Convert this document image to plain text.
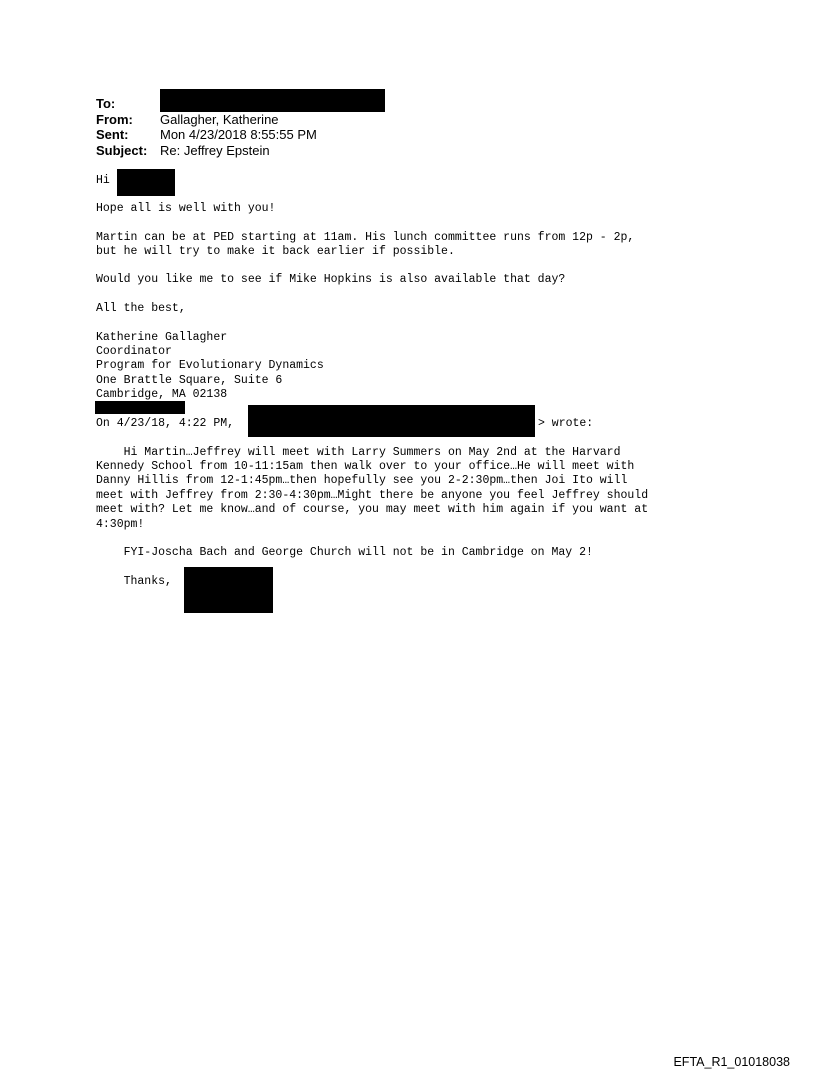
To:
From:	Gallagher, Katherine
Sent:	Mon 4/23/2018 8:55:55 PM
Subject: Re: Jeffrey Epstein
Hi
Hope all is well with you!
Martin can be at PED starting at 11am. His lunch committee runs from 12p - 2p,
but he will try to make it back earlier if possible.
Would you like me to see if Mike Hopkins is also available that day?
All the best,
Katherine Gallagher
Coordinator
Program for Evolutionary Dynamics
One Brattle Square, Suite 6
Cambridge, MA 02138
On 4/23/18, 4:22 PM,	> wrote:
Hi Martin…Jeffrey will meet with Larry Summers on May 2nd at the Harvard
Kennedy School from 10-11:15am then walk over to your office…He will meet with
Danny Hillis from 12-1:45pm…then hopefully see you 2-2:30pm…then Joi Ito will
meet with Jeffrey from 2:30-4:30pm…Might there be anyone you feel Jeffrey should
meet with? Let me know…and of course, you may meet with him again if you want at
4:30pm!
FYI-Joscha Bach and George Church will not be in Cambridge on May 2!
Thanks,
EFTA_R1_01018038
